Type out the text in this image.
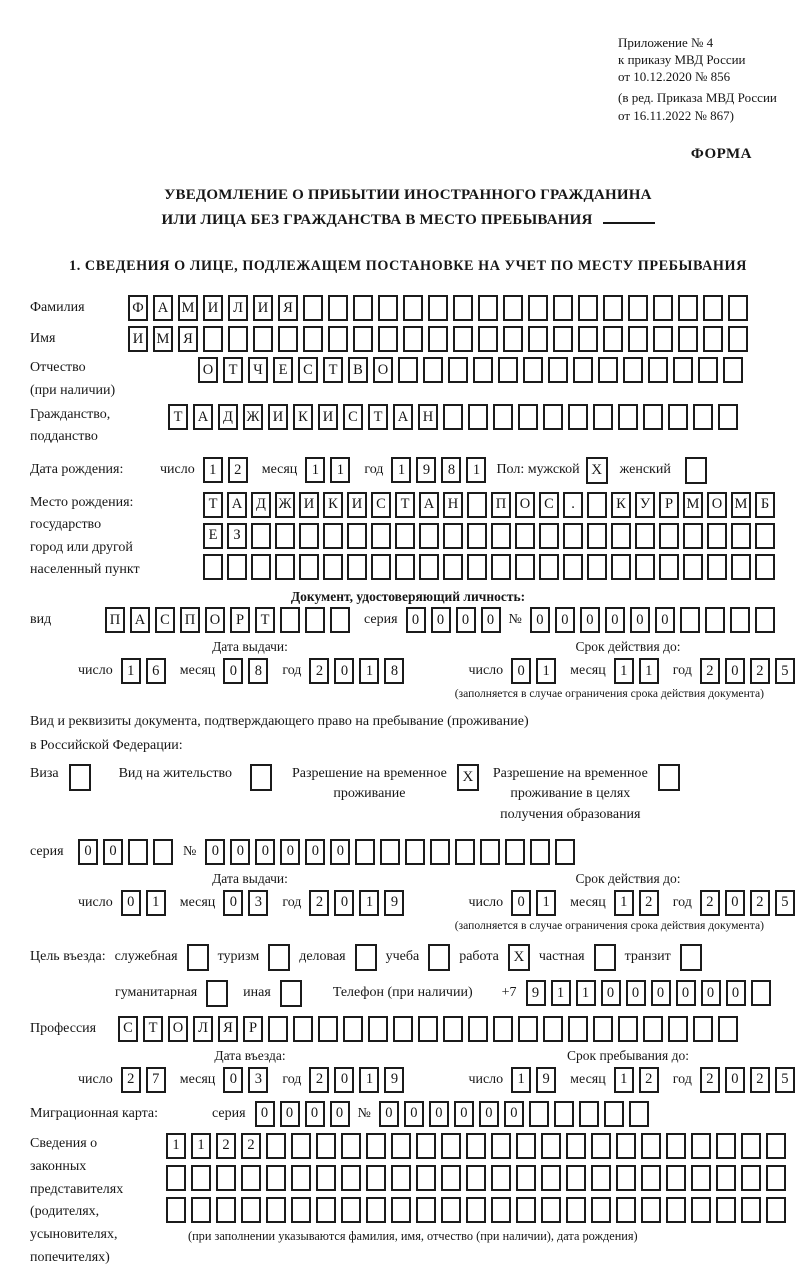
Приложение № 4
к приказу МВД России
от 10.12.2020 № 856
(в ред. Приказа МВД России
от 16.11.2022 № 867)
ФОРМА
УВЕДОМЛЕНИЕ О ПРИБЫТИИ ИНОСТРАННОГО ГРАЖДАНИНА
ИЛИ ЛИЦА БЕЗ ГРАЖДАНСТВА В МЕСТО ПРЕБЫВАНИЯ
1. СВЕДЕНИЯ О ЛИЦЕ, ПОДЛЕЖАЩЕМ ПОСТАНОВКЕ НА УЧЕТ ПО МЕСТУ ПРЕБЫВАНИЯ
Фамилия	Ф А М И	Л	И	Я
Имя	И М Я
Отчество
(при наличии)
О	Т	Ч	Е	С	Т	В	О
Гражданство,
подданство
Т	А	Д Ж И	К	И	С	Т	А	Н
Дата рождения:	число 1	2	месяц 1	1	год 1	9	8	1	Пол: мужской X	женский
Место рождения:
государство
город или другой
населенный пункт
Т А Д Ж И К И С	Т А Н	П О С	.	К У	Р М О М Б
Е	З
Документ, удостоверяющий личность:
вид	П	А	С	П	О	Р	Т	серия 0	0	0	0	№ 0	0	0	0	0	0
Дата выдачи:	Срок действия до:
число 1	6	месяц 0	8	год 2	0	1	8	число 0	1	месяц 1	1	год 2	0	2	5
(заполняется в случае ограничения срока действия документа)
Вид и реквизиты документа, подтверждающего право на пребывание (проживание)
в Российской Федерации:
Виза	Вид на жительство	Разрешение на временное
проживание
X	Разрешение на временное
проживание в целях
получения образования
серия	0	0	№	0	0	0	0	0	0
Дата выдачи:	Срок действия до:
число 0	1	месяц 0	3	год 2	0	1	9	число 0	1	месяц 1	2	год 2	0	2	5
(заполняется в случае ограничения срока действия документа)
Цель въезда: служебная	туризм	деловая	учеба	работа X	частная	транзит
гуманитарная	иная	Телефон (при наличии) +7	9	1	1	0	0	0	0	0	0
Профессия	С	Т	О	Л	Я	Р
Дата въезда:	Срок пребывания до:
число 2	7	месяц 0	3	год 2	0	1	9	число 1	9	месяц 1	2	год 2	0	2	5
Миграционная карта:	серия	0	0	0	0	№ 0	0	0	0	0	0
Сведения о
законных
представителях
(родителях,
усыновителях,
попечителях)
1	1	2	2
(при заполнении указываются фамилия, имя, отчество (при наличии), дата рождения)
